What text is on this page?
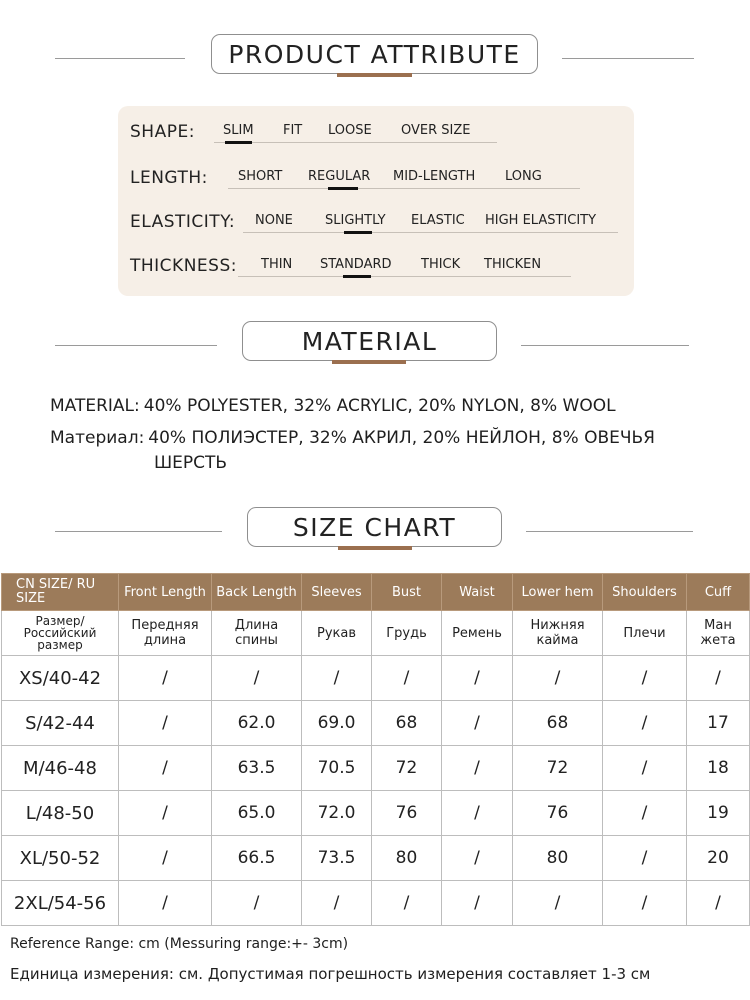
PRODUCT ATTRIBUTE
SHAPE: SLIM FIT LOOSE OVER SIZE
LENGTH: SHORT REGULAR MID-LENGTH LONG
ELASTICITY: NONE SLIGHTLY ELASTIC HIGH ELASTICITY
THICKNESS: THIN STANDARD THICK THICKEN
MATERIAL
MATERIAL: 40% POLYESTER, 32% ACRYLIC, 20% NYLON, 8% WOOL
Материал: 40% ПОЛИЭСТЕР, 32% АКРИЛ, 20% НЕЙЛОН, 8% ОВЕЧЬЯ
ШЕРСТЬ
SIZE CHART
CN SIZE/ RU SIZE	Front Length	Back Length	Sleeves	Bust	Waist	Lower hem	Shoulders	Cuff
Размер/ Российский размер	Передняя длина	Длина спины	Рукав	Грудь	Ремень	Нижняя кайма	Плечи	Ман жета
XS/40-42	/	/	/	/	/	/	/	/
S/42-44	/	62.0	69.0	68	/	68	/	17
M/46-48	/	63.5	70.5	72	/	72	/	18
L/48-50	/	65.0	72.0	76	/	76	/	19
XL/50-52	/	66.5	73.5	80	/	80	/	20
2XL/54-56	/	/	/	/	/	/	/	/
Reference Range: cm (Messuring range:+- 3cm)
Единица измерения: см. Допустимая погрешность измерения составляет 1-3 см
